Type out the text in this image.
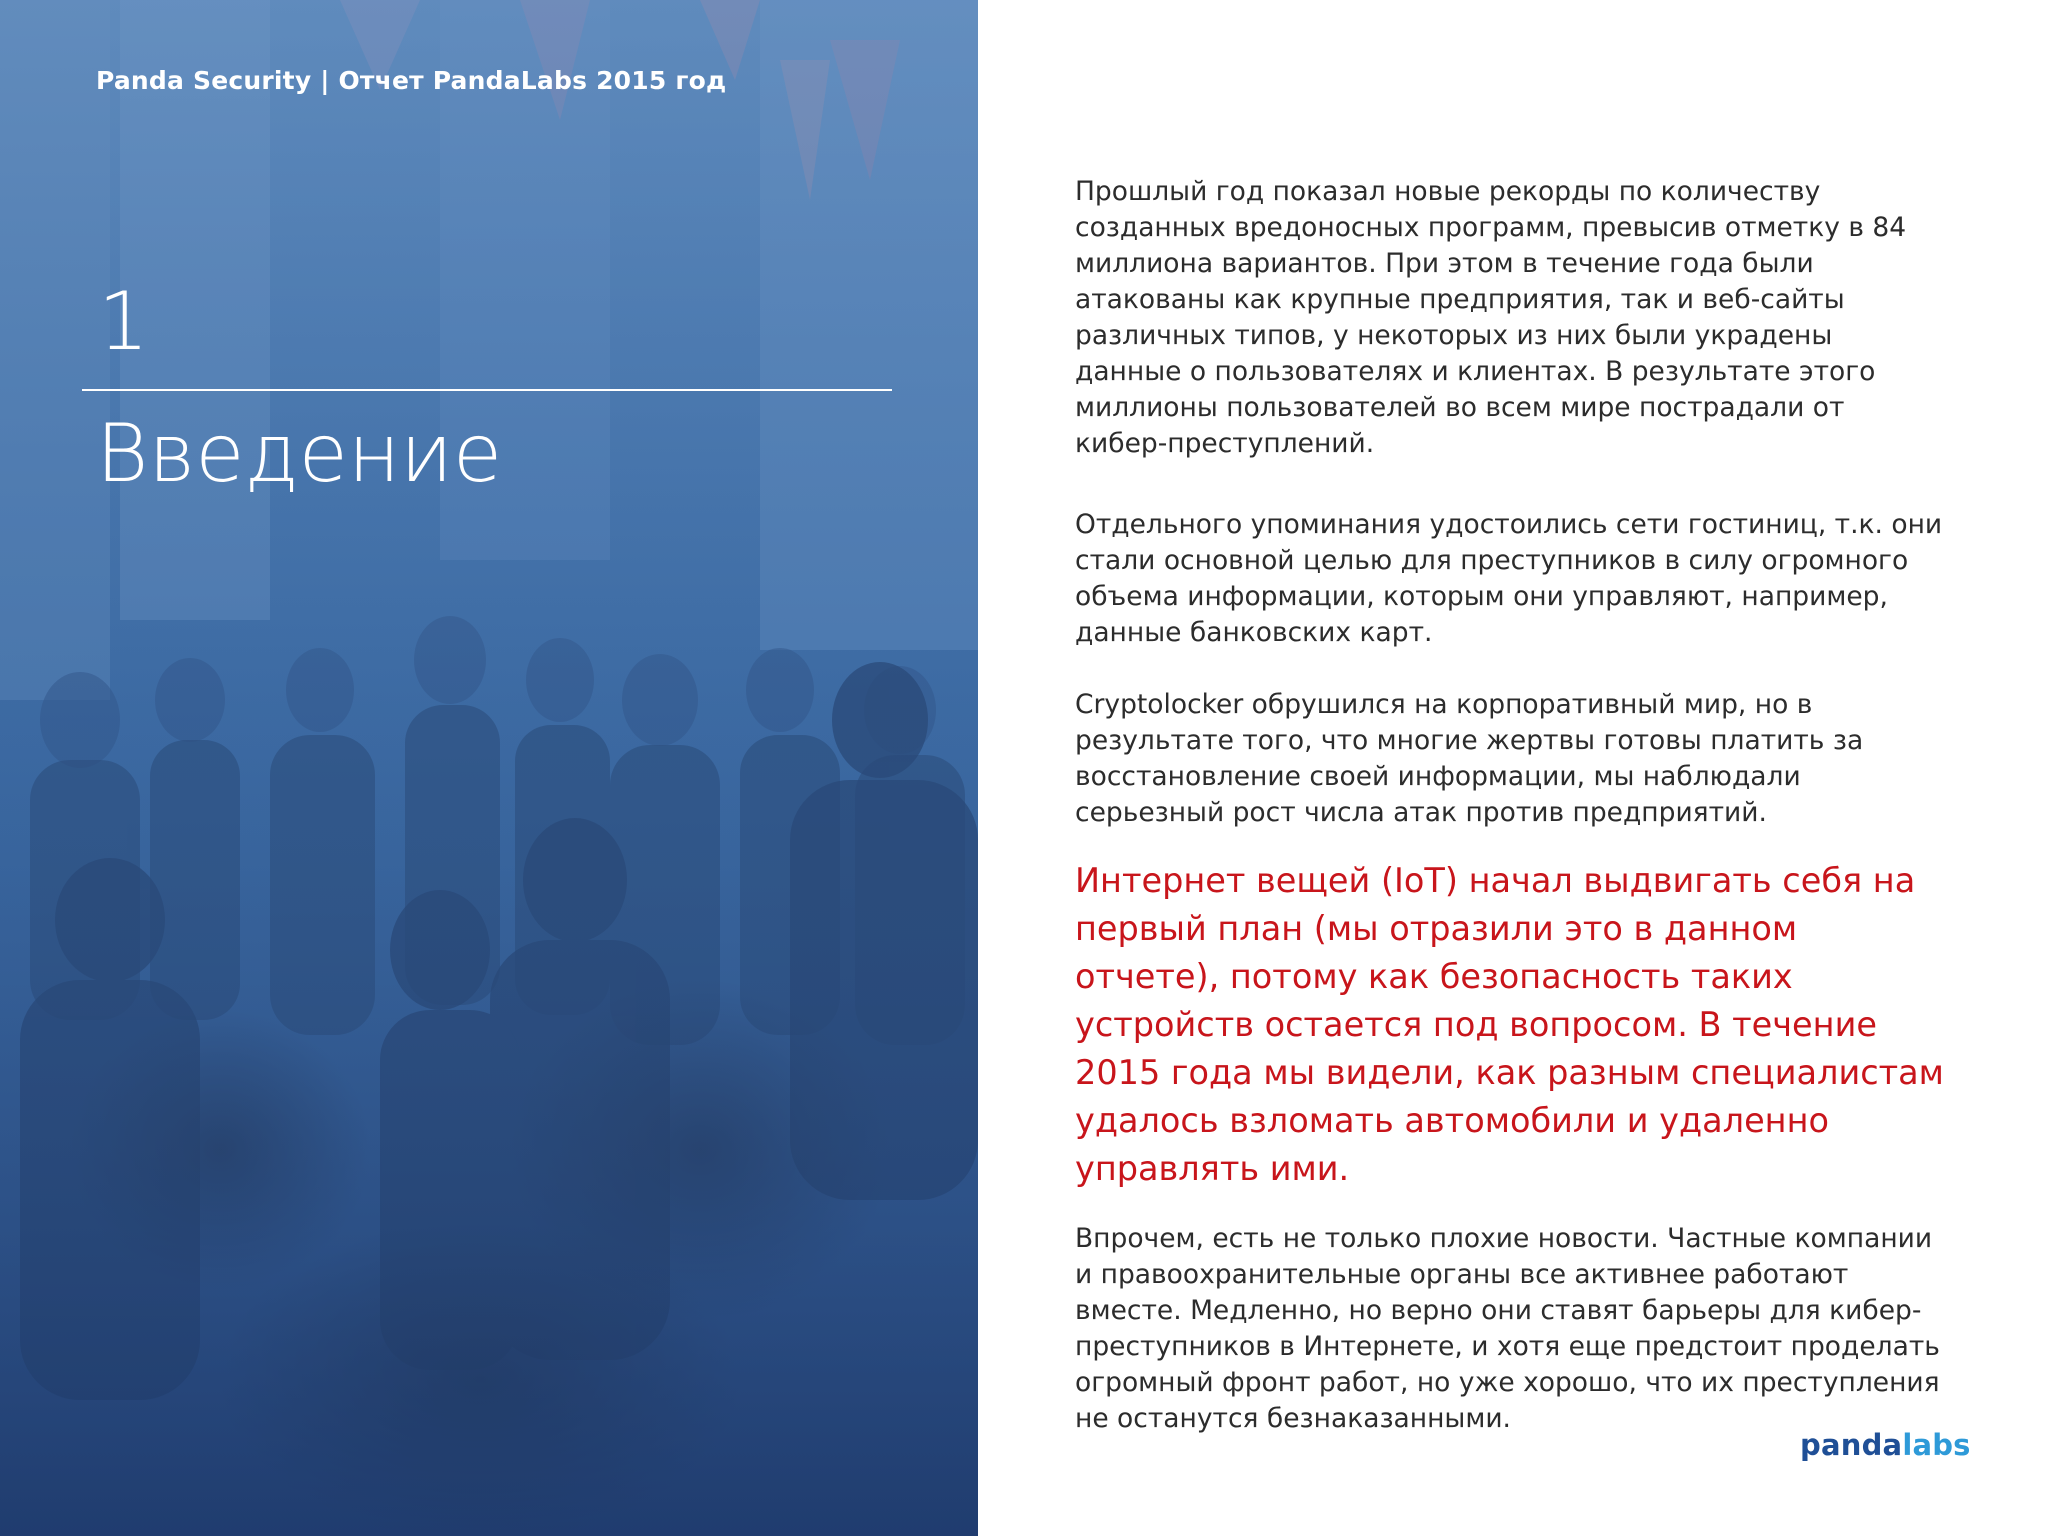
Panda Security | Отчет PandaLabs 2015 год
1
Введение

Прошлый год показал новые рекорды по количеству созданных вредоносных программ, превысив отметку в 84 миллиона вариантов. При этом в течение года были атакованы как крупные предприятия, так и веб-сайты различных типов, у некоторых из них были украдены данные о пользователях и клиентах. В результате этого миллионы пользователей во всем мире пострадали от кибер-преступлений.

Отдельного упоминания удостоились сети гостиниц, т.к. они стали основной целью для преступников в силу огромного объема информации, которым они управляют, например, данные банковских карт.

Cryptolocker обрушился на корпоративный мир, но в результате того, что многие жертвы готовы платить за восстановление своей информации, мы наблюдали серьезный рост числа атак против предприятий.

Интернет вещей (IoT) начал выдвигать себя на первый план (мы отразили это в данном отчете), потому как безопасность таких устройств остается под вопросом. В течение 2015 года мы видели, как разным специалистам удалось взломать автомобили и удаленно управлять ими.

Впрочем, есть не только плохие новости. Частные компании и правоохранительные органы все активнее работают вместе. Медленно, но верно они ставят барьеры для кибер-преступников в Интернете, и хотя еще предстоит проделать огромный фронт работ, но уже хорошо, что их преступления не останутся безнаказанными.

pandalabs
